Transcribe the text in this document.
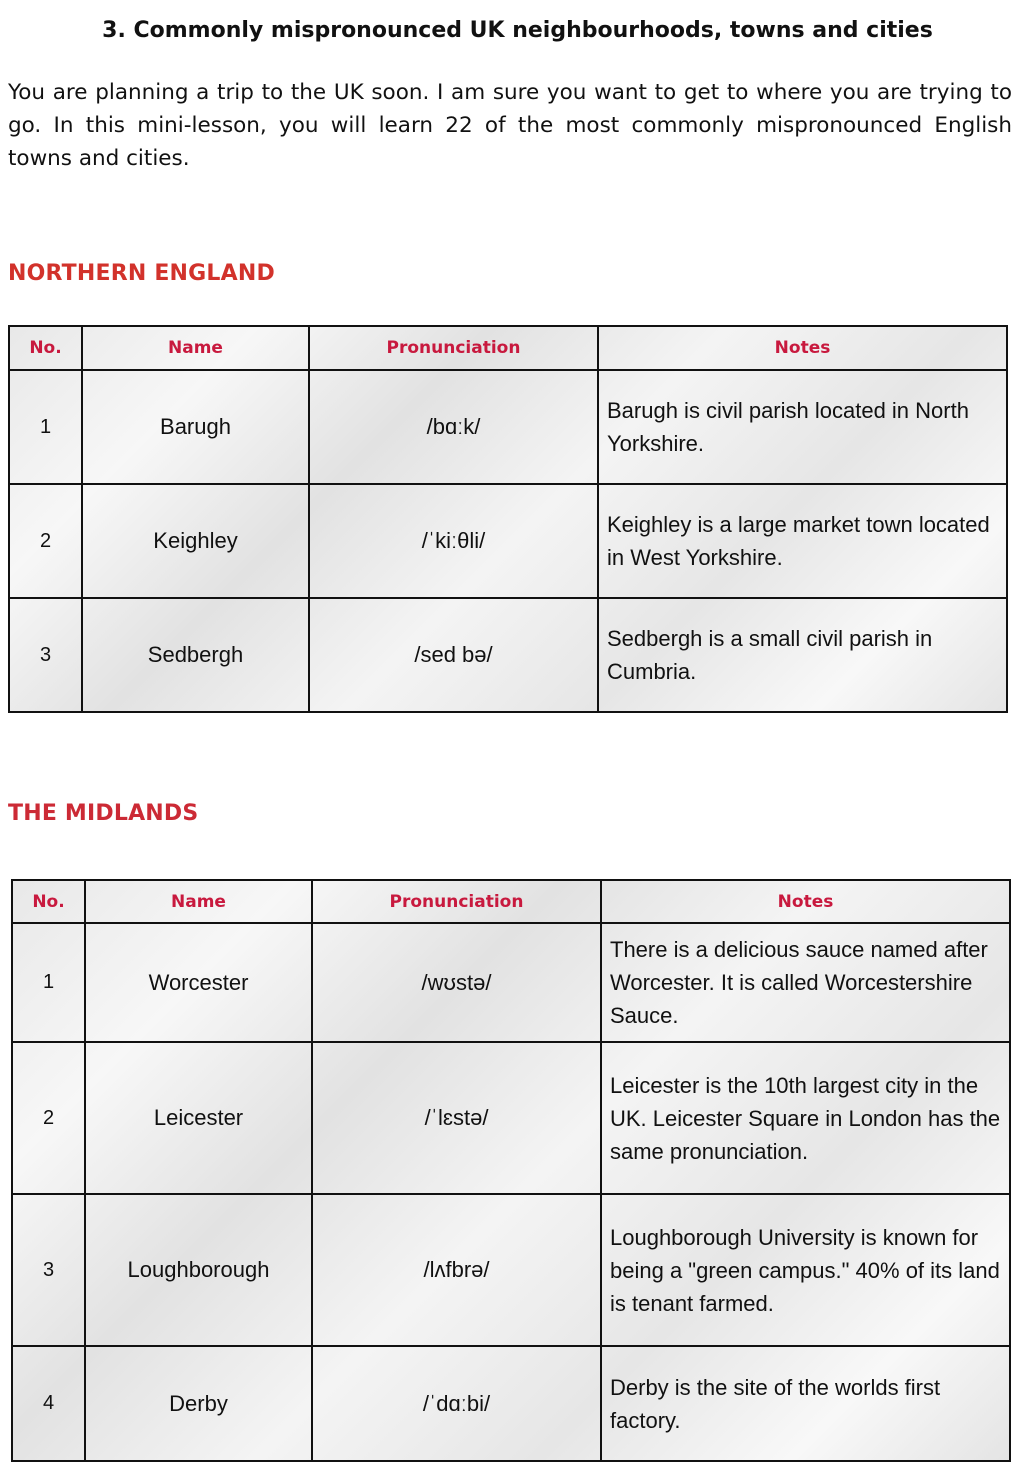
3. Commonly mispronounced UK neighbourhoods, towns and cities
You are planning a trip to the UK soon. I am sure you want to get to where you are trying to go. In this mini-lesson, you will learn 22 of the most commonly mispronounced English towns and cities.
NORTHERN ENGLAND
No.	Name	Pronunciation	Notes
1	Barugh	/bɑːk/	Barugh is civil parish located in North Yorkshire.
2	Keighley	/ˈkiːθli/	Keighley is a large market town located in West Yorkshire.
3	Sedbergh	/sed bə/	Sedbergh is a small civil parish in Cumbria.
THE MIDLANDS
No.	Name	Pronunciation	Notes
1	Worcester	/wʊstə/	There is a delicious sauce named after Worcester. It is called Worcestershire Sauce.
2	Leicester	/ˈlɛstə/	Leicester is the 10th largest city in the UK. Leicester Square in London has the same pronunciation.
3	Loughborough	/lʌfbrə/	Loughborough University is known for being a "green campus." 40% of its land is tenant farmed.
4	Derby	/ˈdɑːbi/	Derby is the site of the worlds first factory.
